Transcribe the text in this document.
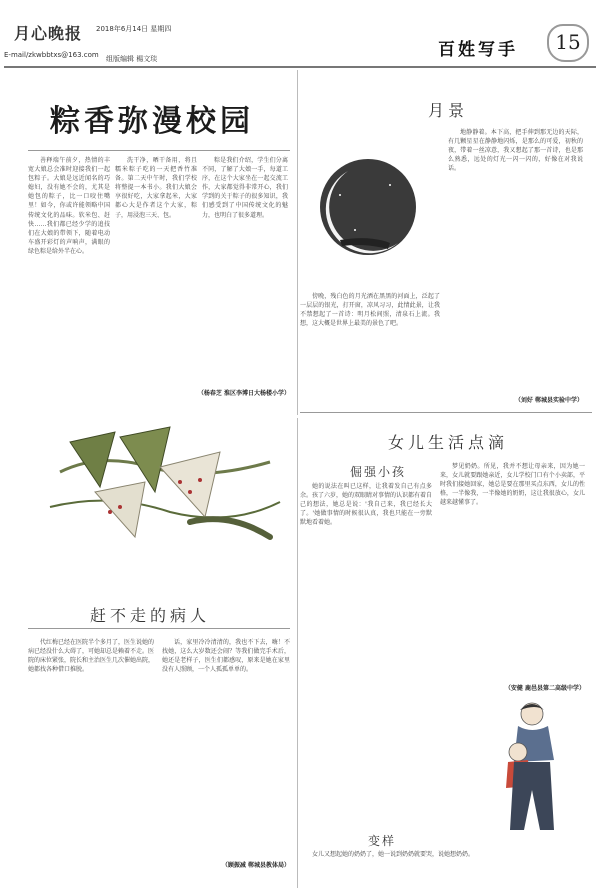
月心晚报 2018年6月14日 星期四
E-mail/zkwbbtxs@163.com 组版编辑 楊文琰	百姓写手	15
粽香弥漫校园

善释端午前夕，热情的丰宽大娘总会准时迎接我们一起包粽子。大娘是远近闻名的巧媳妇，没有她不会的，尤其是她包的粽子，比一口咬住嘴里！如今，你或许能领略中国传统文化的品味。软米包、赶快……我们都已经少学的追技们在大娘的带领下，随着电动车盛开彩灯的声响声，满眼的绿色粽是给外半在心。

洗干净，晒干备用，将且糯米粽子吃的一天把香竹准备。第二天中午时，我们学校将整提一本书小。我们大娘会享很好吃，大家拿起米，大家都心大是作者这个大家，粽子，用浸泡三天、包。

粽是我们介绍，学生们分离不同，了解了大娘一手，每道工序，在这个大家坐在一起交流工作，大家都觉得非常开心，我们学到的关于粽子的很多知识，我们感受到了中国传统文化的魅力，也明白了很多道理。

（杨春芝 淮区李博日大杨楼小学）
月景

傍晚，残白色的月光洒在黑黑的河面上，泛起了一层层的银光，打开窗，凉风习习，此情此景，让我不禁想起了一首诗：明月松间照，清泉石上流。我想，这大概是世界上最美的景色了吧。

地静静着。本下高，把手伸到那无边的天际，有几颗星星在静静地闪烁，是那么的可爱，初秋的夜，带着一丝凉意，我又想起了那一首诗，也是那么熟悉，远处的灯光一闪一闪的，好像在对我说话。

（刘好 郸城县实验中学）
女儿生活点滴
倔强小孩

她的说法在叫已这样，让我着发自己有点多余。孩了六岁，她的双眼睛对事情的认识都有着自己的想法，她总是说：'我自己来，我已经长大了。'她做事情的时候很认真，我也只能在一旁默默地看着她。

梦见奶奶。所见，我并不想让母亲来，因为她一来，女儿就要跟她亲近，女儿学校门口有个小卖部，平时我们接她回家，她总是要在那里买点东西，女儿的性格，一半像我，一半像她的奶奶，这让我很放心，女儿越来越懂事了。

（安健 鹿邑县第二高级中学）
变样

女儿又想起她的奶奶了，她一说到奶奶就要哭，说她想奶奶。

赶不走的病人

代红梅已经在医院半个多月了，医生说她的病已经没什么大碍了，可她却总是赖着不走。医院的床位紧张，院长和主治医生几次催她出院，她都找各种借口推脱。

话，家里冷冷清清的，我也不下去，嗨！不找她，这么大岁数还会闹？等我们做完手术后，她还是老样子，医生们都感叹，原来是她在家里没有人照顾，一个人孤孤单单的。

（顾振减 郸城县教体局）
